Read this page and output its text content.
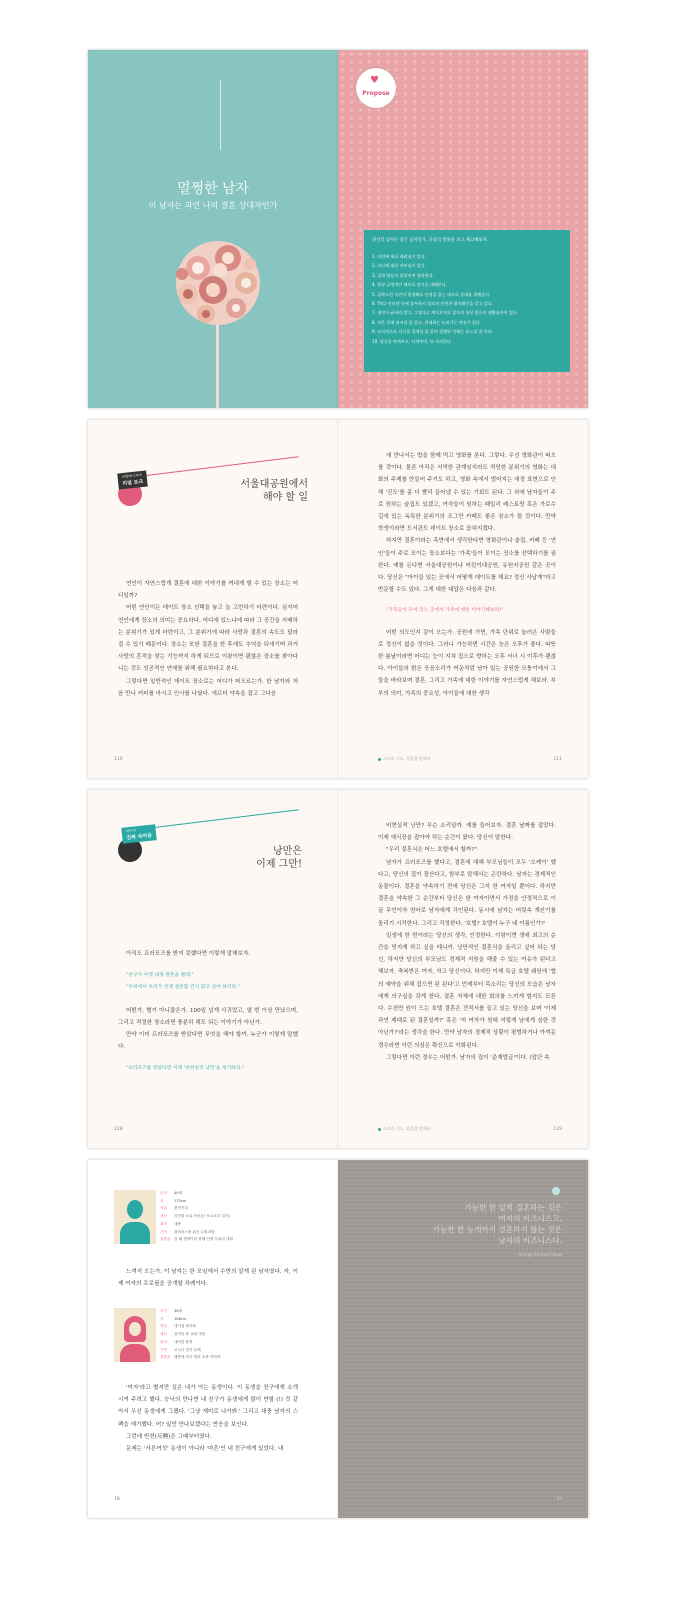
멀쩡한 남자
이 남자는 과연 나의 결혼 상대자인가
♥
Propose
당신의 남자는 좋은 남자인가, 다음의 항목을 보고 체크해보자.
1. 타인에 대한 배려심이 있다.
2. 자신에 대한 자부심이 있다.
3. 집과 방들이 잘되어져 정리된다.
4. 항상 긍정적인 태도로 당신을 대해준다.
5. 급박스런 사건이 발생해도 안정감 있는 태도로 상대를 위해준다.
6. TV나 인터넷 등에 몰두하지 않으며 건전한 취미활동을 갖고 있다.
7. 생각이 굳바라 많고, 그렇다고 계으르지도 않으며 항상 좋은의 생활습관이 있다.
8. 작은 일에 용서할 줄 알고, 관대하는 도리가는 여유가 있다.
9. 도덕적으로 자신을 절제할 줄 알며 절쟁된 것에는 분노할 줄 안다.
10. 당신을 아껴주고, 아껴주며, 또 아껴준다.
커플매니저의
리얼 토크	서울대공원에서
해야 할 일

연인이 자연스럽게 결혼에 대한 이야기를 꺼내게 할 수 있는 장소는 어디일까?

어떤 연인이든 데이트 장소 선택을 놓고 늘 고민하기 마련이다. 심지어 연인에게 장소의 의미는 중요하다. 어디에 있느냐에 따라 그 공간을 지배하는 분위기가 있게 마련이고, 그 분위기에 따라 사랑과 결혼의 속도도 달라질 수 있기 때문이다. 장소는 또한 결혼을 한 후에도 추억을 되새기며 과거 사랑의 흔적을 찾는 기능까지 하게 되므로 이왕이면 괜찮은 장소를 찾아다니는 것도 성공적인 연애를 위해 필요하다고 본다.

그렇다면 일반적인 데이트 장소로는 어디가 떠오르는가. 한 남자와 처음 만나 커피를 마시고 인사를 나눴다. 애프터 약속을 잡고 그다음

110

에 만나서는 밥을 함께 먹고 영화를 본다. 그렇다. 우선 영화관이 떠오를 것이다. 물론 아직은 서먹한 관계임지라도 적당한 분위기의 영화는 대화의 주제를 만들어 주기도 하고, 영화 속에서 벌어지는 애정 표현으로 인해 '진도'를 좀 더 빨리 끌어낼 수 있는 기회도 된다. 그 외에 남자들이 주로 원하는 술집도 있겠고, 여자들이 원하는 패밀리 레스토랑 혹은 가로수길에 있는 독특한 분위기의 조그만 카페도 좋은 장소가 될 것이다. 만약 학생이라면 도서관도 데이트 장소로 꼽혀지겠다.

하지만 결혼이라는 측면에서 생각한다면 영화관이나 술집, 커페 등 '연인'들이 주로 모이는 장소보다는 '가족'들이 모이는 장소를 선택하기를 권한다. 예를 든다면 서울대공원이나 어린이대공원, 유원지공원 같은 곳이다. 당신은 "아이들 있는 곳에서 어떻게 데이트를 해요? 정신 사납게"라고 반문할 수도 있다. 그게 대한 대답은 다음과 같다.

"가족들이 모여 있는 곳에서 가족에 대한 이야기해보라!"

어떤 의도인지 감이 오는가. 공원에 가면, 가족 단위로 놀러온 사람들로 정신이 없을 것이다. 그러니 가능하면 시간은 늦은 오후가 좋다. 따뜻한 봄날이라면 어디는 눈이 지쳐 집으로 향하는 오후 서너 시 이후가 괜찮다. 아이들의 밝은 웃음소리가 여운처럼 남아 있는 공원한 모퉁이에서 그들을 바라보며 결혼, 그리고 가족에 대한 이야기를 자연스럽게 해보라. 부부의 의미, 가족의 중요성, 아이들에 대한 생각

스토리 기도. 결혼을 앞에서	111
뇌부의
진짜 속마음
낭만은
이제 그만!

아직도 프러포즈를 받지 못했다면 이렇게 말해보자.

"친구가 어젯 내게 결혼을 했대."

"주위에서 우리가 언제 결혼할 건지 많고 싶어 하더라."

어떤가, 별거 아니잖은가. 100일 넘게 사귀었고, 열 번 이상 만났으며, 그리고 적절한 장소라면 충분히 해도 되는 이야기가 아닌가.

만약 이미 프러포즈를 받았다면 무엇을 해야 할까. 누군가 이렇게 말했다.

"프러포즈를 받았다면 이제 '비현실적 낭만'을 제거하라."

128

비현실적 낭만? 무슨 소리일까. 예를 들어보자. 결혼 날짜를 잡았다. 이제 예식장을 잡아야 하는 순간이 왔다. 당신이 말한다.

"우리 결혼식은 어느 호텔에서 할까?"

남자가 프러포즈를 했다고, 결혼에 대해 부모님들이 모두 '오케이' 했다고, 당신의 집이 잘산다고, 함부로 말해서는 곤란하다. 남자는 경제적인 동물이다. 결혼을 약속하기 전에 당신은 그저 한 여자일 뿐이다. 하지만 결혼을 약속한 그 순간부터 당신은 한 여자이면서 가정을 안정적으로 이끌 무언이자 엄마로 남자에게 각인된다. 동시에 남자는 머릿속 계산기를 돌리기 시작한다. 그리고 걱정한다. '호텔? 호텔이 누구 네 이름인가?'

일생에 한 번이라는 당신의 생각, 인정한다. 이왕이면 생애 최고의 순간을 멋지게 하고 싶을 테니까. 낭만적인 결혼식을 올리고 싶어 하는 당신, 하지만 당신의 부모님도 경제적 지원을 해줄 수 있는 여유가 된다고 해보자. 축복받은 여자, 자고 당신이다. 하지만 이제 특급 호텔 웨딩에 '협의 예약을 위해 잡으면 된 된다'고 언제부터 목소리는 당신의 모습은 남자에게 의구심을 갖게 한다. 결혼 자체에 대한 회의를 느끼게 할지도 모른다. 수천만 원이 드는 호텔 결혼은 견적서를 들고 있는 당신을 보며 '이제 과연 제대로 된 결혼일까?' 혹은 '저 여자가 원래 저렇게 남에게 심한 것 아닌가?'라는 생각을 한다. 만약 남자의 경제적 상황이 평범하거나 아껴둔 경우라면 이런 의심은 확신으로 악화된다.

그렇다면 이런 경우는 어떤가. 남자의 집이 '준재벌급'이다. (앞단 속

스토리 기도. 결혼을 앞에서	129
나이 40세
키	175cm
직업 중견기업
재산 마진혀 소유 아서(근 프로포우 알기)
취미 대중
가족 플러마스품 쉬신 두원과함
결혼관 잉 때 갭케이더 함께 인생 우위의 개최
느껴지 오는가. 이 남자는 한 모임에서 수면의 알게 된 남자였다. 자, 이제 여자의 프로필을 공개할 차례이다.
나이 36세
키	168cm
직업 대기업 회사원
재산 유아동 중 교편 대당
취미 내차한 불경
가족 코니너 천기 들께
결혼관 행충에 하가 벌어 소중 이어야

'여자'라고 별지만 실은 내가 아는 동생이다. 이 동생을 친구에게 소개시켜 주려고 했다. 승낙의 만나면 내 친구가 동생에게 많이 반할 (!) 것 같아서 우선 동생에게 그랬다. '그냥 재미로 나가봐.' 그리고 대충 남자의 스펙을 얘기했다. 어? 일만 만나보겠다는 반응을 보인다.

그런데 반전(反轉)은 그때부터였다.

문제는 '서른여섯' 동생이 아니라 '마흔'인 내 친구에게 있었다. 내

18
가능한 한 일찍 결혼하는 것은
여자의 비즈니스고,
가능한 한 늦게까지 결혼하지 않는 것은
남자의 비즈니스다.
- George Bernard Shaw
19
